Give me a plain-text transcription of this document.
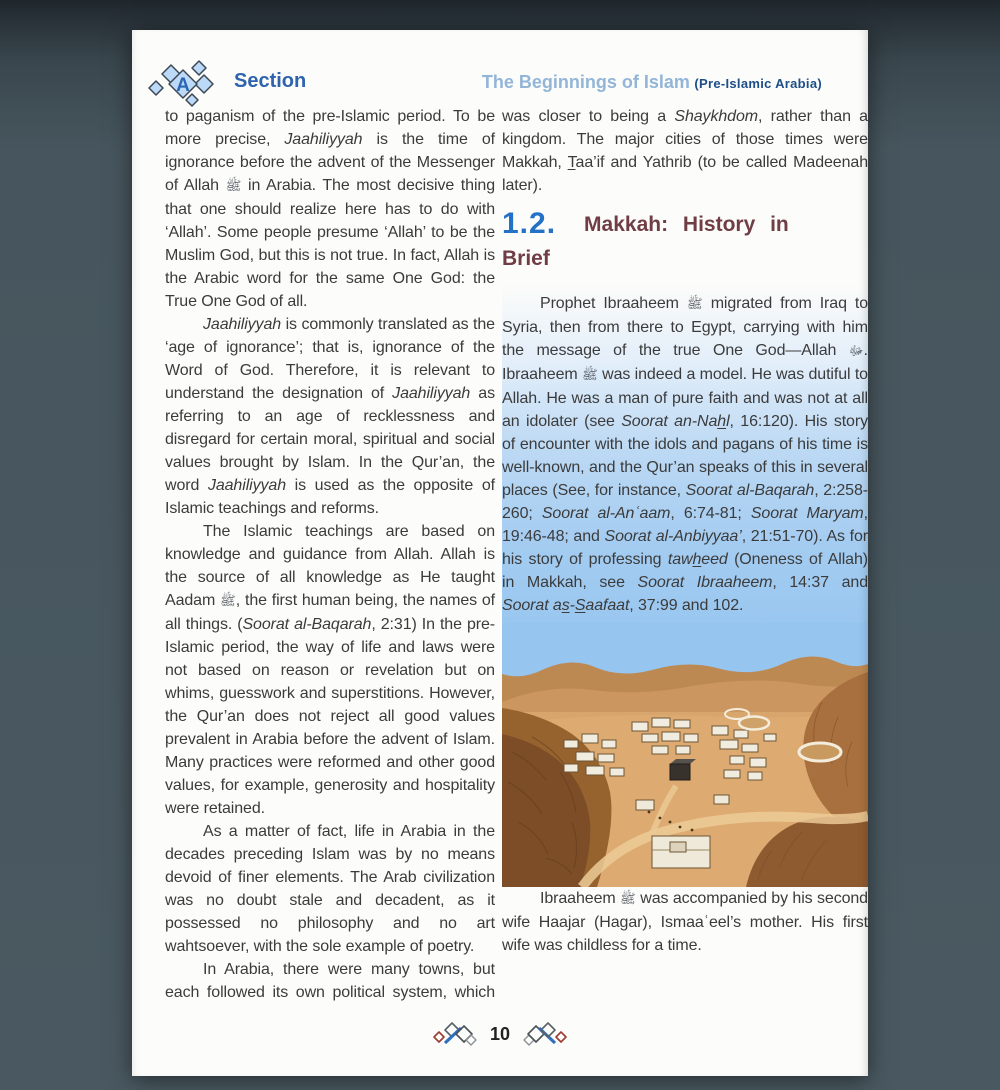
A Section	The Beginnings of Islam (Pre-Islamic Arabia)

to paganism of the pre-Islamic period. To be more precise, Jaahiliyyah is the time of ignorance before the advent of the Messenger of Allah ﷺ in Arabia. The most decisive thing that one should realize here has to do with ‘Allah’. Some people presume ‘Allah’ to be the Muslim God, but this is not true. In fact, Allah is the Arabic word for the same One God: the True One God of all.

Jaahiliyyah is commonly translated as the ‘age of ignorance’; that is, ignorance of the Word of God. Therefore, it is relevant to understand the designation of Jaahiliyyah as referring to an age of recklessness and disregard for certain moral, spiritual and social values brought by Islam. In the Qur’an, the word Jaahiliyyah is used as the opposite of Islamic teachings and reforms.

The Islamic teachings are based on knowledge and guidance from Allah. Allah is the source of all knowledge as He taught Aadam ﷺ, the first human being, the names of all things. (Soorat al-Baqarah, 2:31) In the pre-Islamic period, the way of life and laws were not based on reason or revelation but on whims, guesswork and superstitions. However, the Qur’an does not reject all good values prevalent in Arabia before the advent of Islam. Many practices were reformed and other good values, for example, generosity and hospitality were retained.

As a matter of fact, life in Arabia in the decades preceding Islam was by no means devoid of finer elements. The Arab civilization was no doubt stale and decadent, as it possessed no philosophy and no art wahtsoever, with the sole example of poetry.

In Arabia, there were many towns, but each followed its own political system, which

was closer to being a Shaykhdom, rather than a kingdom. The major cities of those times were Makkah, Taa’if and Yathrib (to be called Madeenah later).

1.2. Makkah: History in
Brief

Prophet Ibraaheem ﷺ migrated from Iraq to Syria, then from there to Egypt, carrying with him the message of the true One God—Allah ﷻ. Ibraaheem ﷺ was indeed a model. He was dutiful to Allah. He was a man of pure faith and was not at all an idolater (see Soorat an-Nahl, 16:120). His story of encounter with the idols and pagans of his time is well-known, and the Qur’an speaks of this in several places (See, for instance, Soorat al-Baqarah, 2:258-260; Soorat al-Anʿaam, 6:74-81; Soorat Maryam, 19:46-48; and Soorat al-Anbiyyaa’, 21:51-70). As for his story of professing tawheed (Oneness of Allah) in Makkah, see Soorat Ibraaheem, 14:37 and Soorat as-Saafaat, 37:99 and 102.

Ibraaheem ﷺ was accompanied by his second wife Haajar (Hagar), Ismaaʿeel’s mother. His first wife was childless for a time.

10
